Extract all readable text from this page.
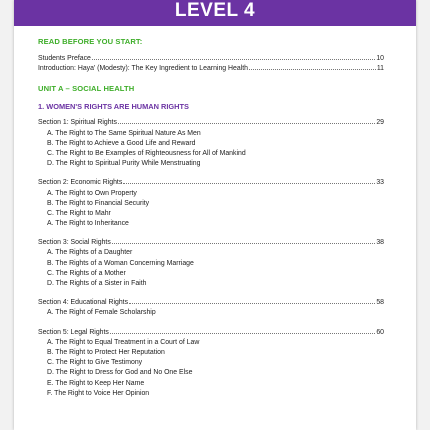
LEVEL 4
READ BEFORE YOU START:
Students Preface	10
Introduction: Haya' (Modesty): The Key Ingredient to Learning Health	11
UNIT A – SOCIAL HEALTH
1. WOMEN'S RIGHTS ARE HUMAN RIGHTS
Section 1: Spiritual Rights	29
A. The Right to The Same Spiritual Nature As Men
B. The Right to Achieve a Good Life and Reward
C. The Right to Be Examples of Righteousness for All of Mankind
D. The Right to Spiritual Purity While Menstruating
Section 2: Economic Rights	33
A. The Right to Own Property
B. The Right to Financial Security
C. The Right to Mahr
A. The Right to Inheritance
Section 3: Social Rights	38
A. The Rights of a Daughter
B. The Rights of a Woman Concerning Marriage
C. The Rights of a Mother
D. The Rights of a Sister in Faith
Section 4: Educational Rights	58
A. The Right of Female Scholarship
Section 5: Legal Rights	60
A. The Right to Equal Treatment in a Court of Law
B. The Right to Protect Her Reputation
C. The Right to Give Testimony
D. The Right to Dress for God and No One Else
E. The Right to Keep Her Name
F. The Right to Voice Her Opinion
